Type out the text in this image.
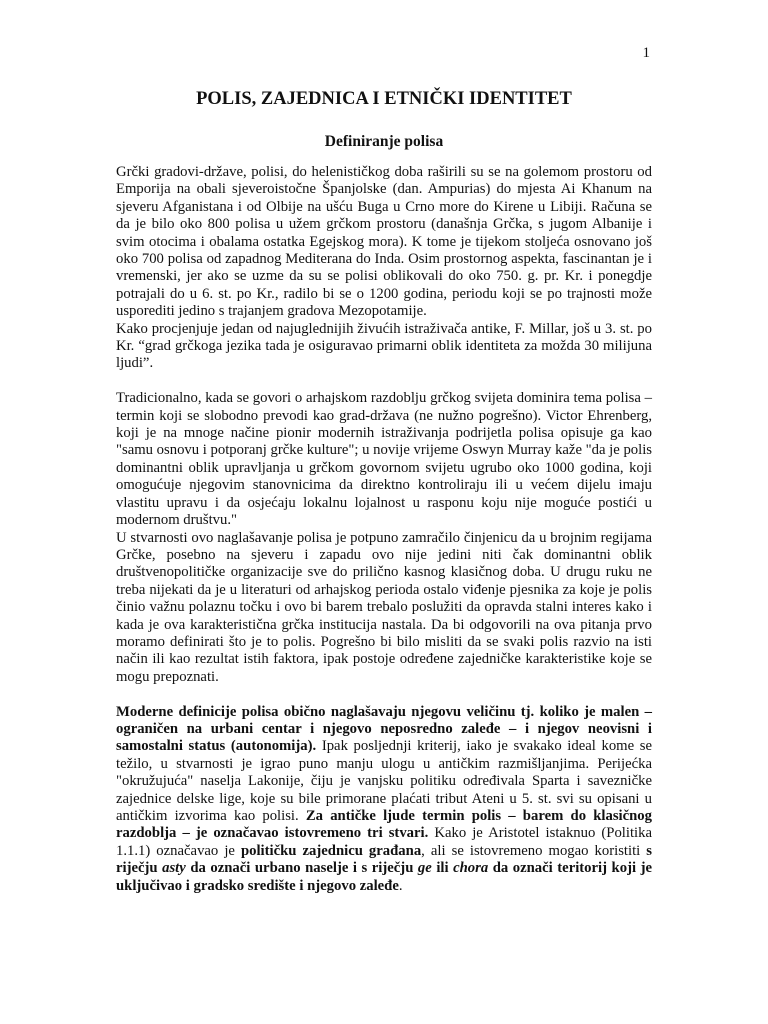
1
POLIS, ZAJEDNICA I ETNIČKI IDENTITET
Definiranje polisa

Grčki gradovi-države, polisi, do helenističkog doba raširili su se na golemom prostoru od Emporija na obali sjeveroistočne Španjolske (dan. Ampurias) do mjesta Ai Khanum na sjeveru Afganistana i od Olbije na ušću Buga u Crno more do Kirene u Libiji. Računa se da je bilo oko 800 polisa u užem grčkom prostoru (današnja Grčka, s jugom Albanije i svim otocima i obalama ostatka Egejskog mora). K tome je tijekom stoljeća osnovano još oko 700 polisa od zapadnog Mediterana do Inda. Osim prostornog aspekta, fascinantan je i vremenski, jer ako se uzme da su se polisi oblikovali do oko 750. g. pr. Kr. i ponegdje potrajali do u 6. st. po Kr., radilo bi se o 1200 godina, periodu koji se po trajnosti može usporediti jedino s trajanjem gradova Mezopotamije.

Kako procjenjuje jedan od najuglednijih živućih istraživača antike, F. Millar, još u 3. st. po Kr. “grad grčkoga jezika tada je osiguravao primarni oblik identiteta za možda 30 milijuna ljudi”.

Tradicionalno, kada se govori o arhajskom razdoblju grčkog svijeta dominira tema polisa – termin koji se slobodno prevodi kao grad-država (ne nužno pogrešno). Victor Ehrenberg, koji je na mnoge načine pionir modernih istraživanja podrijetla polisa opisuje ga kao "samu osnovu i potporanj grčke kulture"; u novije vrijeme Oswyn Murray kaže "da je polis dominantni oblik upravljanja u grčkom govornom svijetu ugrubo oko 1000 godina, koji omogućuje njegovim stanovnicima da direktno kontroliraju ili u većem dijelu imaju vlastitu upravu i da osjećaju lokalnu lojalnost u rasponu koju nije moguće postići u modernom društvu."

U stvarnosti ovo naglašavanje polisa je potpuno zamračilo činjenicu da u brojnim regijama Grčke, posebno na sjeveru i zapadu ovo nije jedini niti čak dominantni oblik društvenopolitičke organizacije sve do prilično kasnog klasičnog doba. U drugu ruku ne treba nijekati da je u literaturi od arhajskog perioda ostalo viđenje pjesnika za koje je polis činio važnu polaznu točku i ovo bi barem trebalo poslužiti da opravda stalni interes kako i kada je ova karakteristična grčka institucija nastala. Da bi odgovorili na ova pitanja prvo moramo definirati što je to polis. Pogrešno bi bilo misliti da se svaki polis razvio na isti način ili kao rezultat istih faktora, ipak postoje određene zajedničke karakteristike koje se mogu prepoznati.

Moderne definicije polisa obično naglašavaju njegovu veličinu tj. koliko je malen – ograničen na urbani centar i njegovo neposredno zaleđe – i njegov neovisni i samostalni status (autonomija). Ipak posljednji kriterij, iako je svakako ideal kome se težilo, u stvarnosti je igrao puno manju ulogu u antičkim razmišljanjima. Perijećka "okružujuća" naselja Lakonije, čiju je vanjsku politiku određivala Sparta i savezničke zajednice delske lige, koje su bile primorane plaćati tribut Ateni u 5. st. svi su opisani u antičkim izvorima kao polisi. Za antičke ljude termin polis – barem do klasičnog razdoblja – je označavao istovremeno tri stvari. Kako je Aristotel istaknuo (Politika 1.1.1) označavao je političku zajednicu građana, ali se istovremeno mogao koristiti s riječju asty da označi urbano naselje i s riječju ge ili chora da označi teritorij koji je uključivao i gradsko središte i njegovo zaleđe.
